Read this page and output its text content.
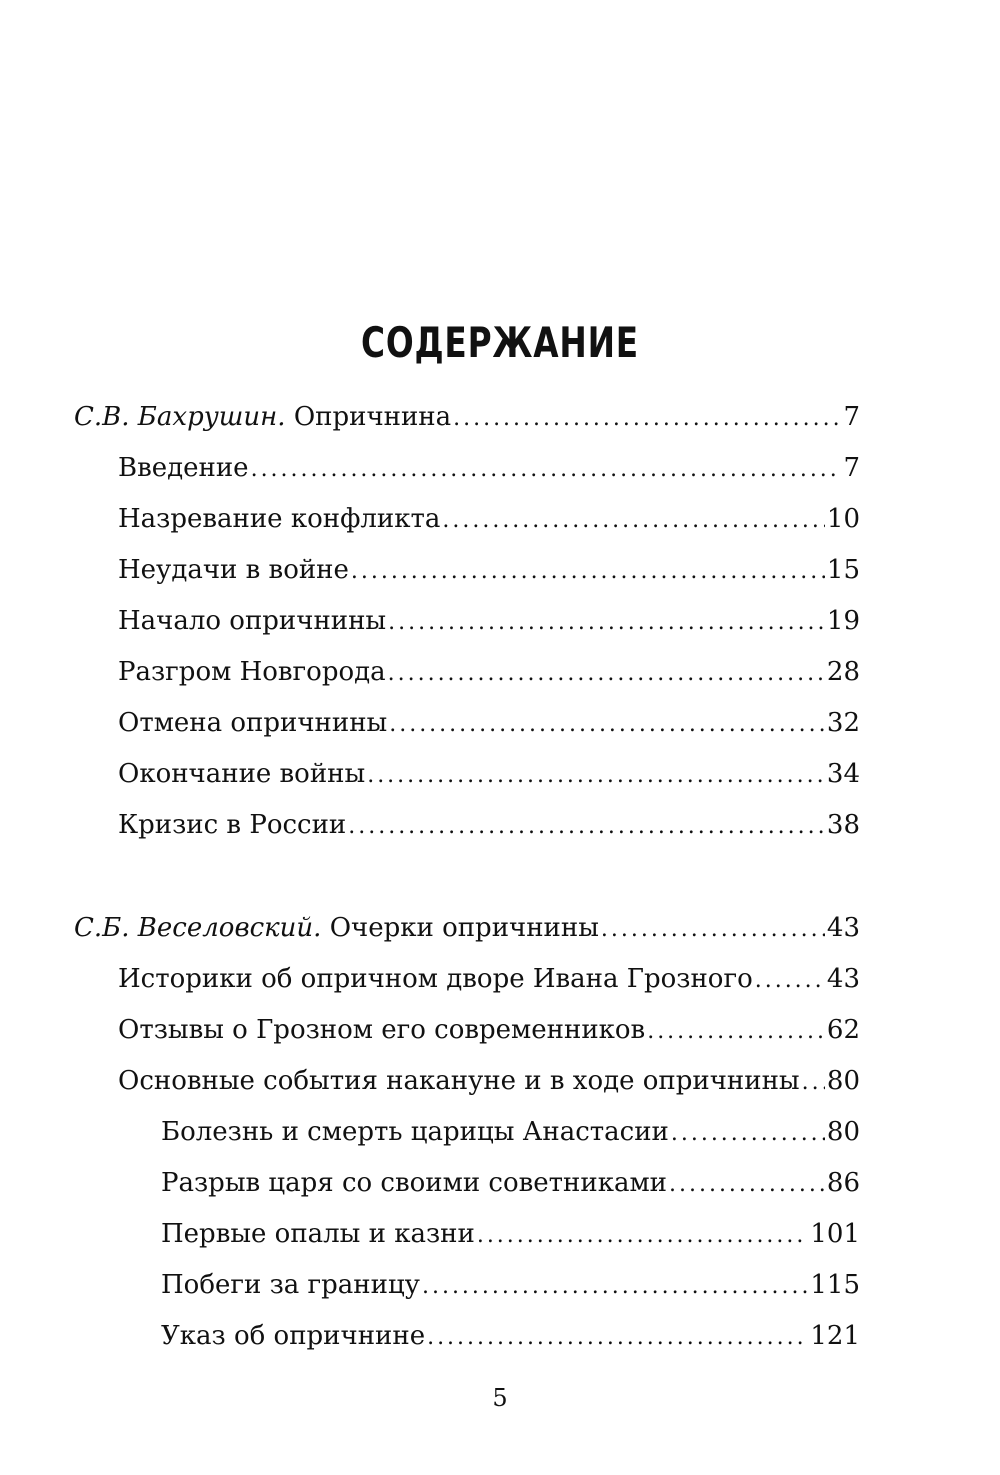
СОДЕРЖАНИЕ
С.В. Бахрушин. Опричнина . . .	7
Введение . . .	7
Назревание конфликта . . .	10
Неудачи в войне . . .	15
Начало опричнины . . .	19
Разгром Новгорода . . .	28
Отмена опричнины . . .	32
Окончание войны . . .	34
Кризис в России . . .	38
С.Б. Веселовский. Очерки опричнины . . .	43
Историки об опричном дворе Ивана Грозного . . .	43
Отзывы о Грозном его современников . . .	62
Основные события накануне и в ходе опричнины . . . 80
Болезнь и смерть царицы Анастасии . . .	80
Разрыв царя со своими советниками . . .	86
Первые опалы и казни . . .	101
Побеги за границу . . .	115
Указ об опричнине . . .	121
5
